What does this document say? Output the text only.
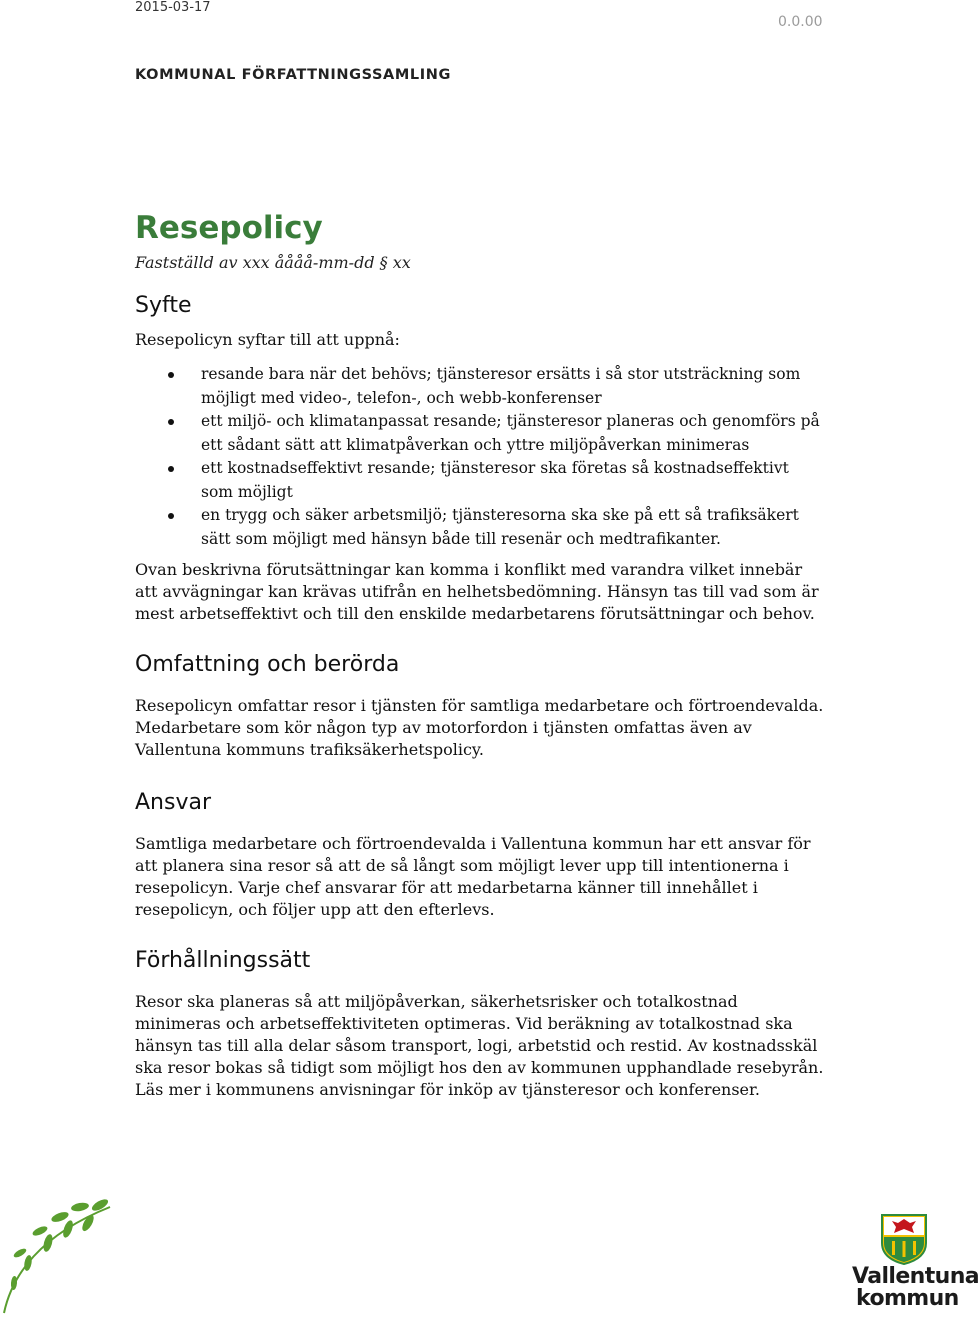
2015-03-17
0.0.00
KOMMUNAL FÖRFATTNINGSSAMLING
Resepolicy
Fastställd av xxx åååå-mm-dd § xx
Syfte

Resepolicyn syftar till att uppnå:

resande bara när det behövs; tjänsteresor ersätts i så stor utsträckning som möjligt med video-, telefon-, och webb-konferenser
ett miljö- och klimatanpassat resande; tjänsteresor planeras och genomförs på ett sådant sätt att klimatpåverkan och yttre miljöpåverkan minimeras
ett kostnadseffektivt resande; tjänsteresor ska företas så kostnadseffektivt som möjligt
en trygg och säker arbetsmiljö; tjänsteresorna ska ske på ett så trafiksäkert sätt som möjligt med hänsyn både till resenär och medtrafikanter.

Ovan beskrivna förutsättningar kan komma i konflikt med varandra vilket innebär att avvägningar kan krävas utifrån en helhetsbedömning. Hänsyn tas till vad som är mest arbetseffektivt och till den enskilde medarbetarens förutsättningar och behov.

Omfattning och berörda

Resepolicyn omfattar resor i tjänsten för samtliga medarbetare och förtroendevalda. Medarbetare som kör någon typ av motorfordon i tjänsten omfattas även av Vallentuna kommuns trafiksäkerhetspolicy.

Ansvar

Samtliga medarbetare och förtroendevalda i Vallentuna kommun har ett ansvar för att planera sina resor så att de så långt som möjligt lever upp till intentionerna i resepolicyn. Varje chef ansvarar för att medarbetarna känner till innehållet i resepolicyn, och följer upp att den efterlevs.

Förhållningssätt

Resor ska planeras så att miljöpåverkan, säkerhetsrisker och totalkostnad minimeras och arbetseffektiviteten optimeras. Vid beräkning av totalkostnad ska hänsyn tas till alla delar såsom transport, logi, arbetstid och restid. Av kostnadsskäl ska resor bokas så tidigt som möjligt hos den av kommunen upphandlade resebyrån. Läs mer i kommunens anvisningar för inköp av tjänsteresor och konferenser.

Vallentuna
kommun
